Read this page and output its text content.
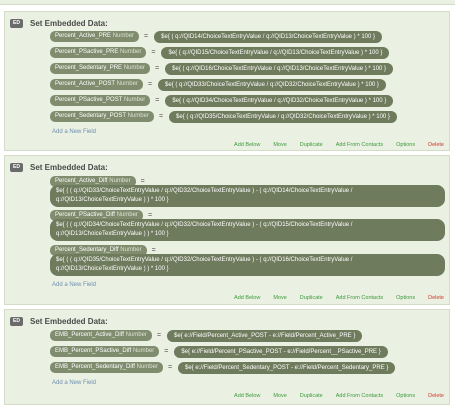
ED	Set Embedded Data:
Percent_Active_PRE Number	=	$e{ ( q://QID14/ChoiceTextEntryValue / q://QID13/ChoiceTextEntryValue ) * 100 }
Percent_PSactive_PRE Number	=	$e{ ( q://QID15/ChoiceTextEntryValue / q://QID13/ChoiceTextEntryValue ) * 100 }
Percent_Sedentary_PRE Number	=	$e{ ( q://QID16/ChoiceTextEntryValue / q://QID13/ChoiceTextEntryValue ) * 100 }
Percent_Active_POST Number	=	$e{ ( q://QID33/ChoiceTextEntryValue / q://QID32/ChoiceTextEntryValue ) * 100 }
Percent_PSactive_POST Number	=	$e{ ( q://QID34/ChoiceTextEntryValue / q://QID32/ChoiceTextEntryValue ) * 100 }
Percent_Sedentary_POST Number	=	$e{ ( q://QID35/ChoiceTextEntryValue / q://QID32/ChoiceTextEntryValue ) * 100 }
Add a New Field
Add Below Move Duplicate Add From Contacts Options Delete
ED	Set Embedded Data:
Percent_Active_Diff Number	=
$e{ ( ( q://QID33/ChoiceTextEntryValue / q://QID32/ChoiceTextEntryValue ) - ( q://QID14/ChoiceTextEntryValue / q://QID13/ChoiceTextEntryValue ) ) * 100 }
Percent_PSactive_Diff Number	=
$e{ ( ( q://QID34/ChoiceTextEntryValue / q://QID32/ChoiceTextEntryValue ) - ( q://QID15/ChoiceTextEntryValue / q://QID13/ChoiceTextEntryValue ) ) * 100 }
Percent_Sedentary_Diff Number	=
$e{ ( ( q://QID35/ChoiceTextEntryValue / q://QID32/ChoiceTextEntryValue ) - ( q://QID16/ChoiceTextEntryValue / q://QID13/ChoiceTextEntryValue ) ) * 100 }
Add a New Field
Add Below Move Duplicate Add From Contacts Options Delete
ED	Set Embedded Data:
EMB_Percent_Active_Diff Number	=	$e{ e://Field/Percent_Active_POST - e://Field/Percent_Active_PRE }
EMB_Percent_PSactive_Diff Number	=	$e{ e://Field/Percent_PSactive_POST - e://Field/Percent__PSactive_PRE }
EMB_Percent_Sedentary_Diff Number	=	$e{ e://Field/Percent_Sedentary_POST - e://Field/Percent_Sedentary_PRE }
Add a New Field
Add Below Move Duplicate Add From Contacts Options Delete
